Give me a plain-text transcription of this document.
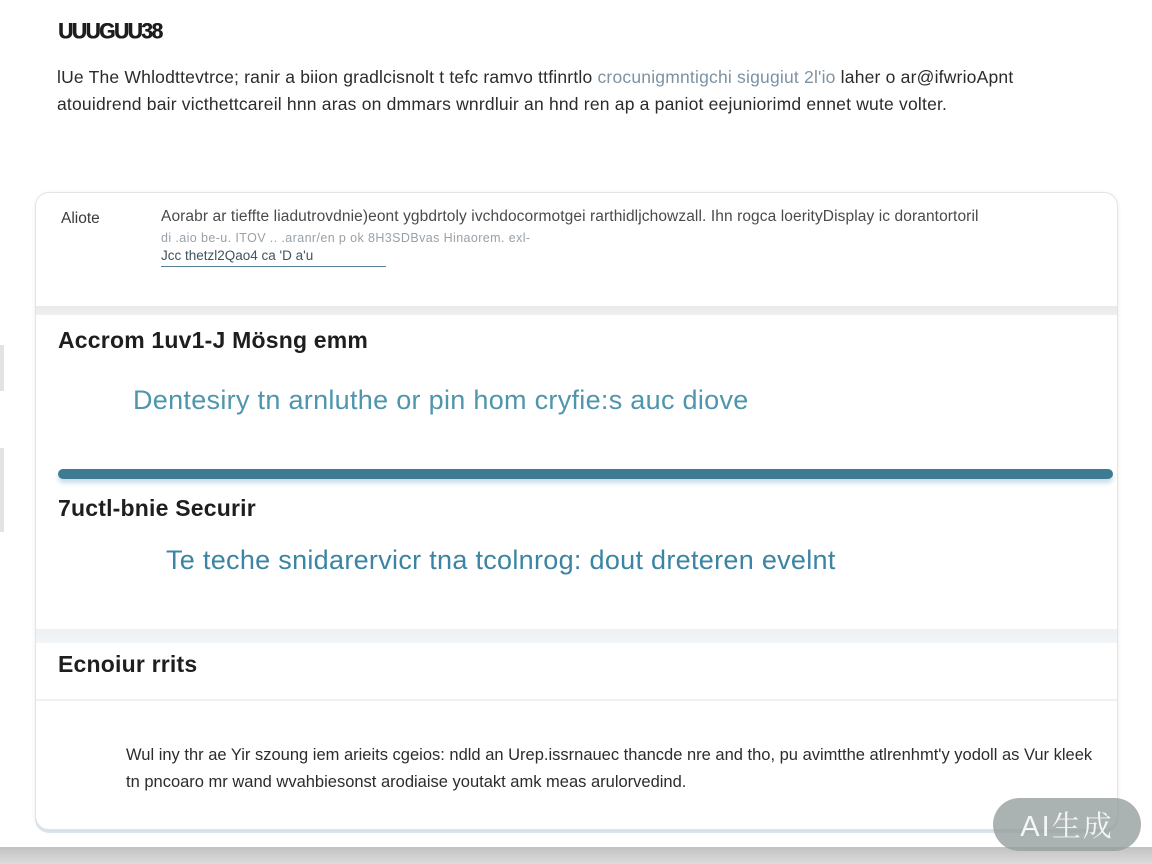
UUUGUU38

lUe The Whlodttevtrce; ranir a biion gradlcisnolt t tefc ramvo ttfinrtlo crocunigmntigchi sigugiut 2l'io laher o ar@ifwrioApnt atouidrend bair victhettcareil hnn aras on dmmars wnrdluir an hnd ren ap a paniot eejuniorimd ennet wute volter.

Aliote	Aorabr ar tieffte liadutrovdnie)eont ygbdrtoly ivchdocormotgei rarthidljchowzall. Ihn rogca loerityDisplay ic dorantortoril
di .aio be-u. ITOV .. .aranr/en p ok 8H3SDBvas Hinaorem. exl-
Jcc thetzl2Qao4 ca 'D a'u
Accrom 1uv1-J Mösng emm
Dentesiry tn arnluthe or pin hom cryfie:s auc diove
7uctl-bnie Securir
Te teche snidarervicr tna tcolnrog: dout dreteren evelnt
Ecnoiur rrits

Wul iny thr ae Yir szoung iem arieits cgeios: ndld an Urep.issrnauec thancde nre and tho, pu avimtthe atlrenhmt'y yodoll as Vur kleek tn pncoaro mr wand wvahbiesonst arodiaise youtakt amk meas arulorvedind.

AI生成
